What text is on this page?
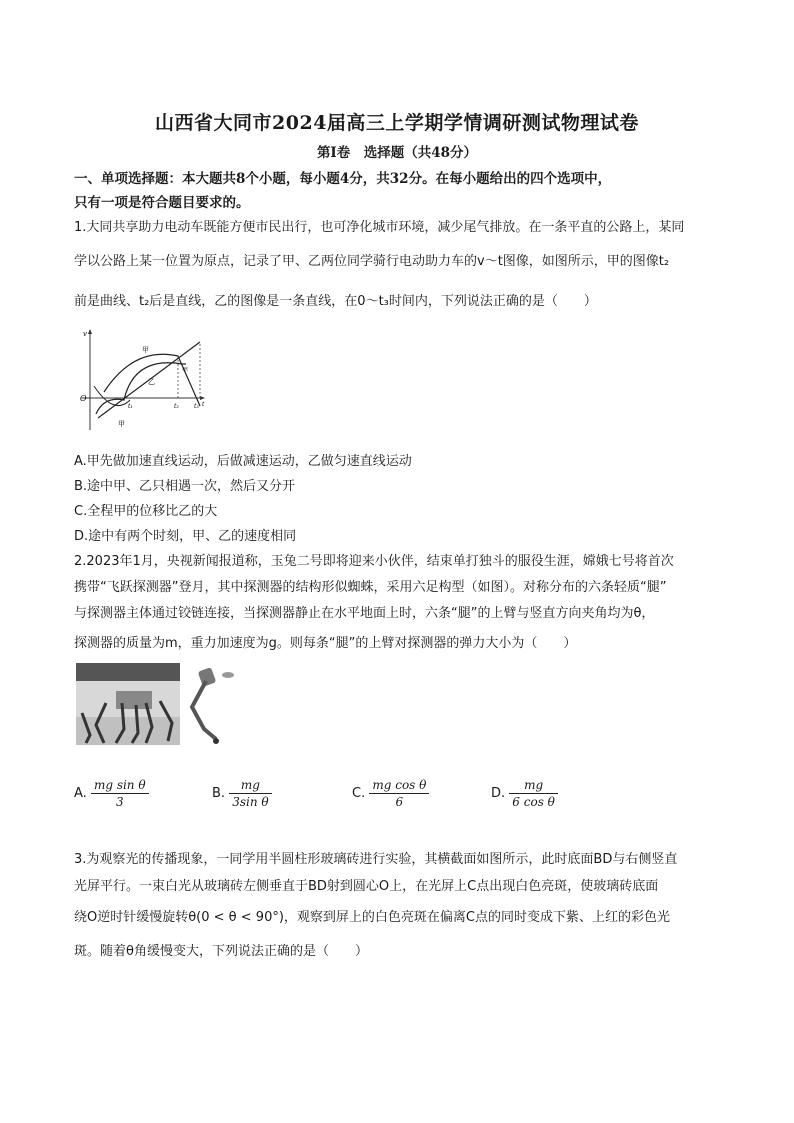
山西省大同市2024届高三上学期学情调研测试物理试卷
第Ⅰ卷　选择题（共48分）
一、单项选择题：本大题共8个小题，每小题4分，共32分。在每小题给出的四个选项中，
只有一项是符合题目要求的。
1.大同共享助力电动车既能方便市民出行，也可净化城市环境，减少尾气排放。在一条平直的公路上，某同
学以公路上某一位置为原点，记录了甲、乙两位同学骑行电动助力车的v～t图像，如图所示，甲的图像t₂
前是曲线、t₂后是直线，乙的图像是一条直线，在0～t₃时间内，下列说法正确的是（　　）
v
t
O
t₁	t₂	t₃
甲
甲
乙
甲
A.甲先做加速直线运动，后做减速运动，乙做匀速直线运动
B.途中甲、乙只相遇一次，然后又分开
C.全程甲的位移比乙的大
D.途中有两个时刻，甲、乙的速度相同
2.2023年1月，央视新闻报道称，玉兔二号即将迎来小伙伴，结束单打独斗的服役生涯，嫦娥七号将首次
携带“飞跃探测器”登月，其中探测器的结构形似蜘蛛，采用六足构型（如图）。对称分布的六条轻质“腿”
与探测器主体通过铰链连接，当探测器静止在水平地面上时，六条“腿”的上臂与竖直方向夹角均为θ，
探测器的质量为m，重力加速度为g。则每条“腿”的上臂对探测器的弹力大小为（　　）
A. $\frac{\text{mg sin θ}}{3}$	B. $\frac{mg}{\text{3sin θ}}$	C. $\frac{\text{mg cos θ}}{6}$	D. $\frac{mg}{\text{6 cos θ}}$
3.为观察光的传播现象，一同学用半圆柱形玻璃砖进行实验，其横截面如图所示，此时底面BD与右侧竖直
光屏平行。一束白光从玻璃砖左侧垂直于BD射到圆心O上，在光屏上C点出现白色亮斑，使玻璃砖底面
绕O逆时针缓慢旋转θ(0 < θ < 90°)，观察到屏上的白色亮斑在偏离C点的同时变成下紫、上红的彩色光
斑。随着θ角缓慢变大，下列说法正确的是（　　）
